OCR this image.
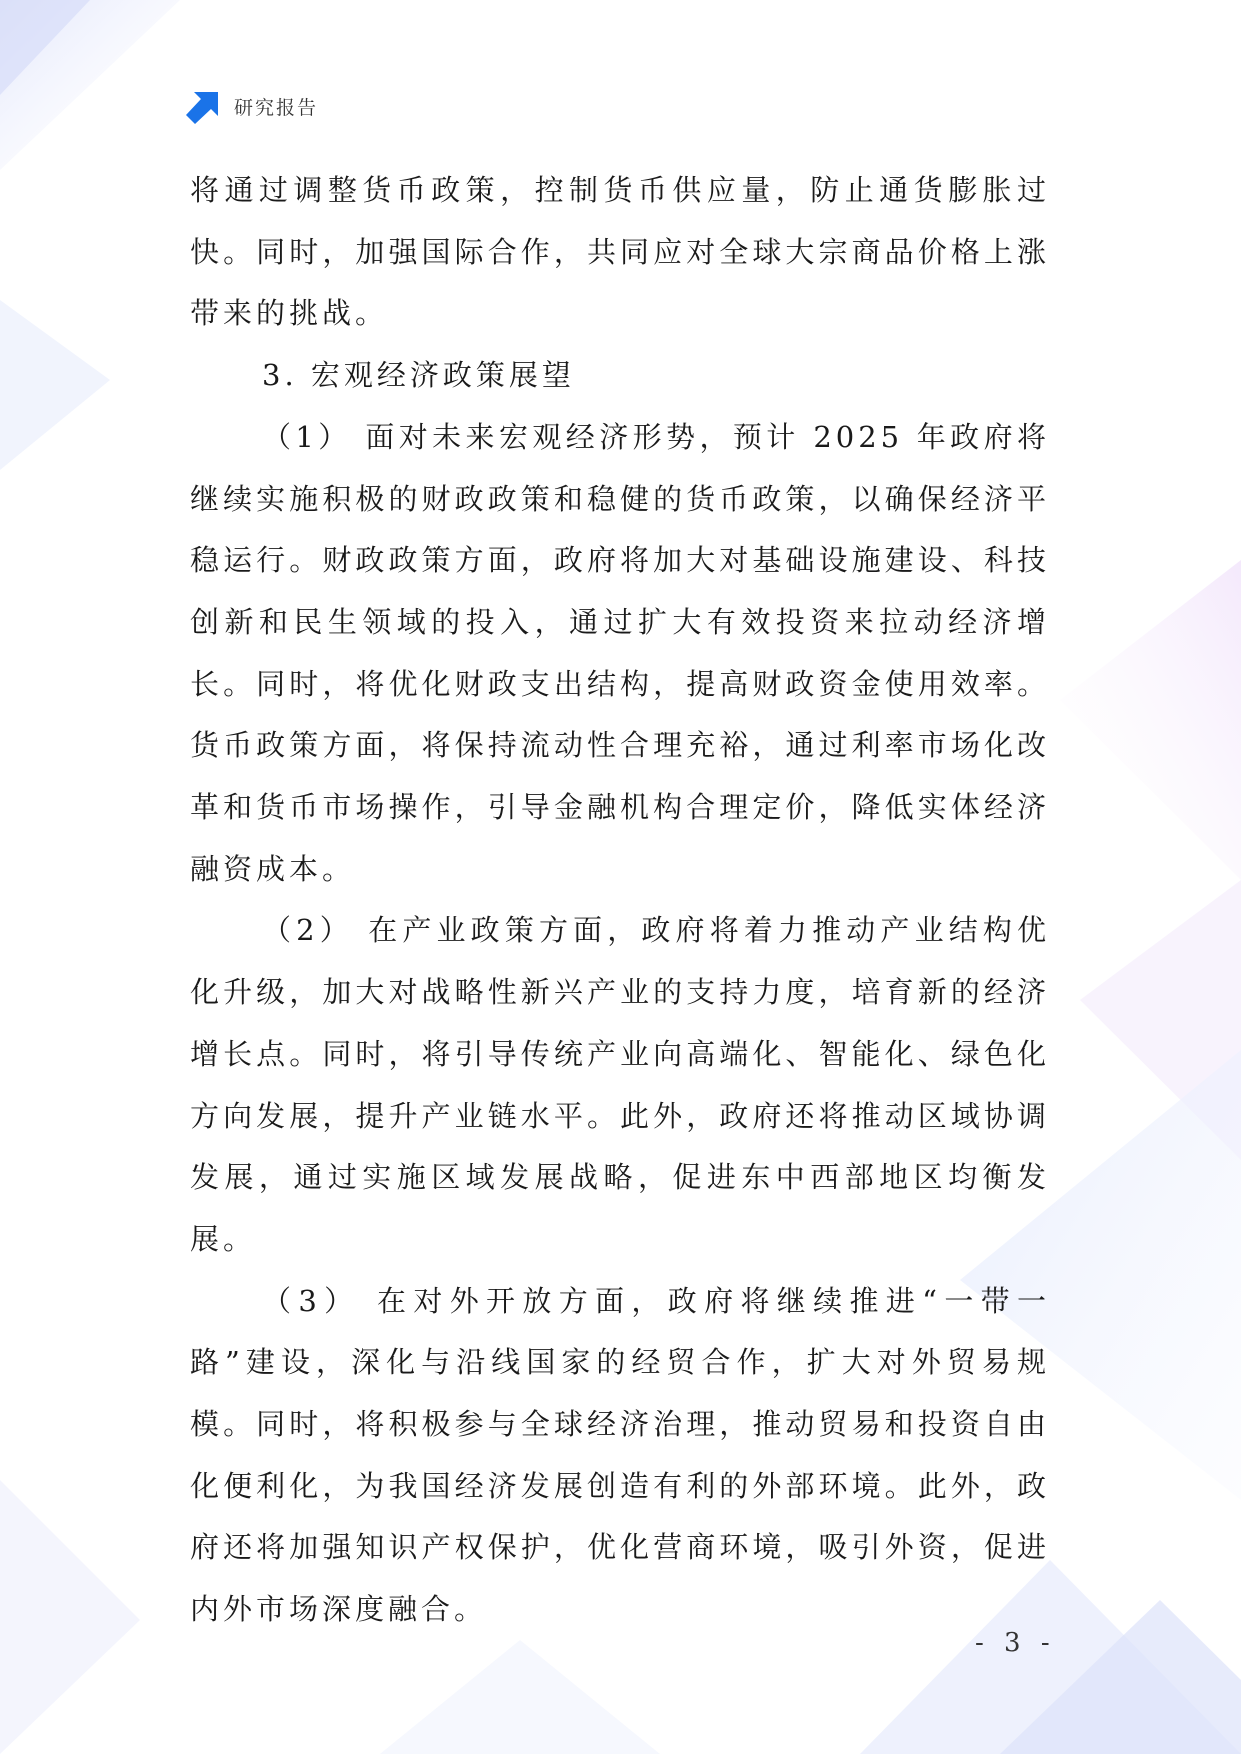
研究报告

将通过调整货币政策，控制货币供应量，防止通货膨胀过快。同时，加强国际合作，共同应对全球大宗商品价格上涨带来的挑战。

3. 宏观经济政策展望

（1） 面对未来宏观经济形势，预计 2025 年政府将继续实施积极的财政政策和稳健的货币政策，以确保经济平稳运行。财政政策方面，政府将加大对基础设施建设、科技创新和民生领域的投入，通过扩大有效投资来拉动经济增长。同时，将优化财政支出结构，提高财政资金使用效率。货币政策方面，将保持流动性合理充裕，通过利率市场化改革和货币市场操作，引导金融机构合理定价，降低实体经济融资成本。

（2） 在产业政策方面，政府将着力推动产业结构优化升级，加大对战略性新兴产业的支持力度，培育新的经济增长点。同时，将引导传统产业向高端化、智能化、绿色化方向发展，提升产业链水平。此外，政府还将推动区域协调发展，通过实施区域发展战略，促进东中西部地区均衡发展。

（3） 在对外开放方面，政府将继续推进“一带一路”建设，深化与沿线国家的经贸合作，扩大对外贸易规模。同时，将积极参与全球经济治理，推动贸易和投资自由化便利化，为我国经济发展创造有利的外部环境。此外，政府还将加强知识产权保护，优化营商环境，吸引外资，促进内外市场深度融合。

- 3 -
